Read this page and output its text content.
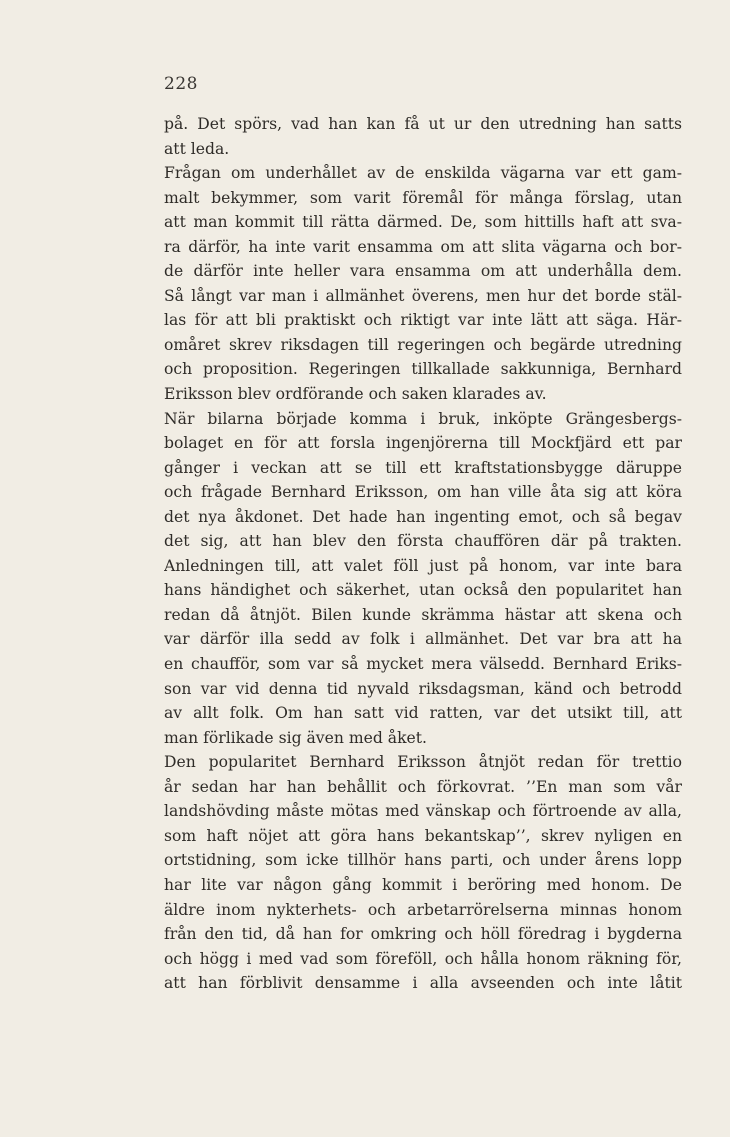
228
på. Det spörs, vad han kan få ut ur den utredning han satts
att leda.
Frågan om underhållet av de enskilda vägarna var ett gam-
malt bekymmer, som varit föremål för många förslag, utan
att man kommit till rätta därmed. De, som hittills haft att sva-
ra därför, ha inte varit ensamma om att slita vägarna och bor-
de därför inte heller vara ensamma om att underhålla dem.
Så långt var man i allmänhet överens, men hur det borde stäl-
las för att bli praktiskt och riktigt var inte lätt att säga. Här-
omåret skrev riksdagen till regeringen och begärde utredning
och proposition. Regeringen tillkallade sakkunniga, Bernhard
Eriksson blev ordförande och saken klarades av.
När bilarna började komma i bruk, inköpte Grängesbergs-
bolaget en för att forsla ingenjörerna till Mockfjärd ett par
gånger i veckan att se till ett kraftstationsbygge däruppe
och frågade Bernhard Eriksson, om han ville åta sig att köra
det nya åkdonet. Det hade han ingenting emot, och så begav
det sig, att han blev den första chauffören där på trakten.
Anledningen till, att valet föll just på honom, var inte bara
hans händighet och säkerhet, utan också den popularitet han
redan då åtnjöt. Bilen kunde skrämma hästar att skena och
var därför illa sedd av folk i allmänhet. Det var bra att ha
en chaufför, som var så mycket mera välsedd. Bernhard Eriks-
son var vid denna tid nyvald riksdagsman, känd och betrodd
av allt folk. Om han satt vid ratten, var det utsikt till, att
man förlikade sig även med åket.
Den popularitet Bernhard Eriksson åtnjöt redan för trettio
år sedan har han behållit och förkovrat. ’’En man som vår
landshövding måste mötas med vänskap och förtroende av alla,
som haft nöjet att göra hans bekantskap’’, skrev nyligen en
ortstidning, som icke tillhör hans parti, och under årens lopp
har lite var någon gång kommit i beröring med honom. De
äldre inom nykterhets- och arbetarrörelserna minnas honom
från den tid, då han for omkring och höll föredrag i bygderna
och högg i med vad som föreföll, och hålla honom räkning för,
att han förblivit densamme i alla avseenden och inte låtit
